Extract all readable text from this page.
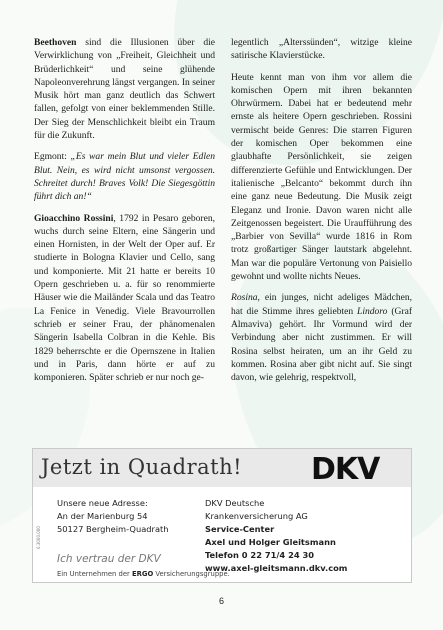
Beethoven sind die Illusionen über die Verwirklichung von „Freiheit, Gleichheit und Brüderlichkeit“ und seine glühende Napoleonverehrung längst vergangen. In seiner Musik hört man ganz deutlich das Schwert fallen, gefolgt von einer beklemmenden Stille. Der Sieg der Menschlichkeit bleibt ein Traum für die Zukunft.

Egmont: „Es war mein Blut und vieler Edlen Blut. Nein, es wird nicht umsonst vergossen. Schreitet durch! Braves Volk! Die Siegesgöttin führt dich an!“

Gioacchino Rossini, 1792 in Pesaro geboren, wuchs durch seine Eltern, eine Sängerin und einen Hornisten, in der Welt der Oper auf. Er studierte in Bologna Klavier und Cello, sang und komponierte. Mit 21 hatte er bereits 10 Opern geschrieben u. a. für so renommierte Häuser wie die Mailänder Scala und das Teatro La Fenice in Venedig. Viele Bravourrollen schrieb er seiner Frau, der phänomenalen Sängerin Isabella Colbran in die Kehle. Bis 1829 beherrschte er die Opernszene in Italien und in Paris, dann hörte er auf zu komponieren. Später schrieb er nur noch ge-

legentlich „Alterssünden“, witzige kleine satirische Klavierstücke.

Heute kennt man von ihm vor allem die komischen Opern mit ihren bekannten Ohrwürmern. Dabei hat er bedeutend mehr ernste als heitere Opern geschrieben. Rossini vermischt beide Genres: Die starren Figuren der komischen Oper bekommen eine glaubhafte Persönlichkeit, sie zeigen differenzierte Gefühle und Entwicklungen. Der italienische „Belcanto“ bekommt durch ihn eine ganz neue Bedeutung. Die Musik zeigt Eleganz und Ironie. Davon waren nicht alle Zeitgenossen begeistert. Die Uraufführung des „Barbier von Sevilla“ wurde 1816 in Rom trotz großartiger Sänger lautstark abgelehnt. Man war die populäre Vertonung von Paisiello gewohnt und wollte nichts Neues.

Rosina, ein junges, nicht adeliges Mädchen, hat die Stimme ihres geliebten Lindoro (Graf Almaviva) gehört. Ihr Vormund wird der Verbindung aber nicht zustimmen. Er will Rosina selbst heiraten, um an ihr Geld zu kommen. Rosina aber gibt nicht auf. Sie singt davon, wie gelehrig, respektvoll,

Jetzt in Quadrath! DKV
Unsere neue Adresse:
An der Marienburg 54
50127 Bergheim-Quadrath
DKV Deutsche
Krankenversicherung AG
Service-Center
Axel und Holger Gleitsmann
Telefon 0 22 71/4 24 30
www.axel-gleitsmann.dkv.com
0.3000.000
Ich vertrau der DKV
Ein Unternehmen der ERGO Versicherungsgruppe.
6
